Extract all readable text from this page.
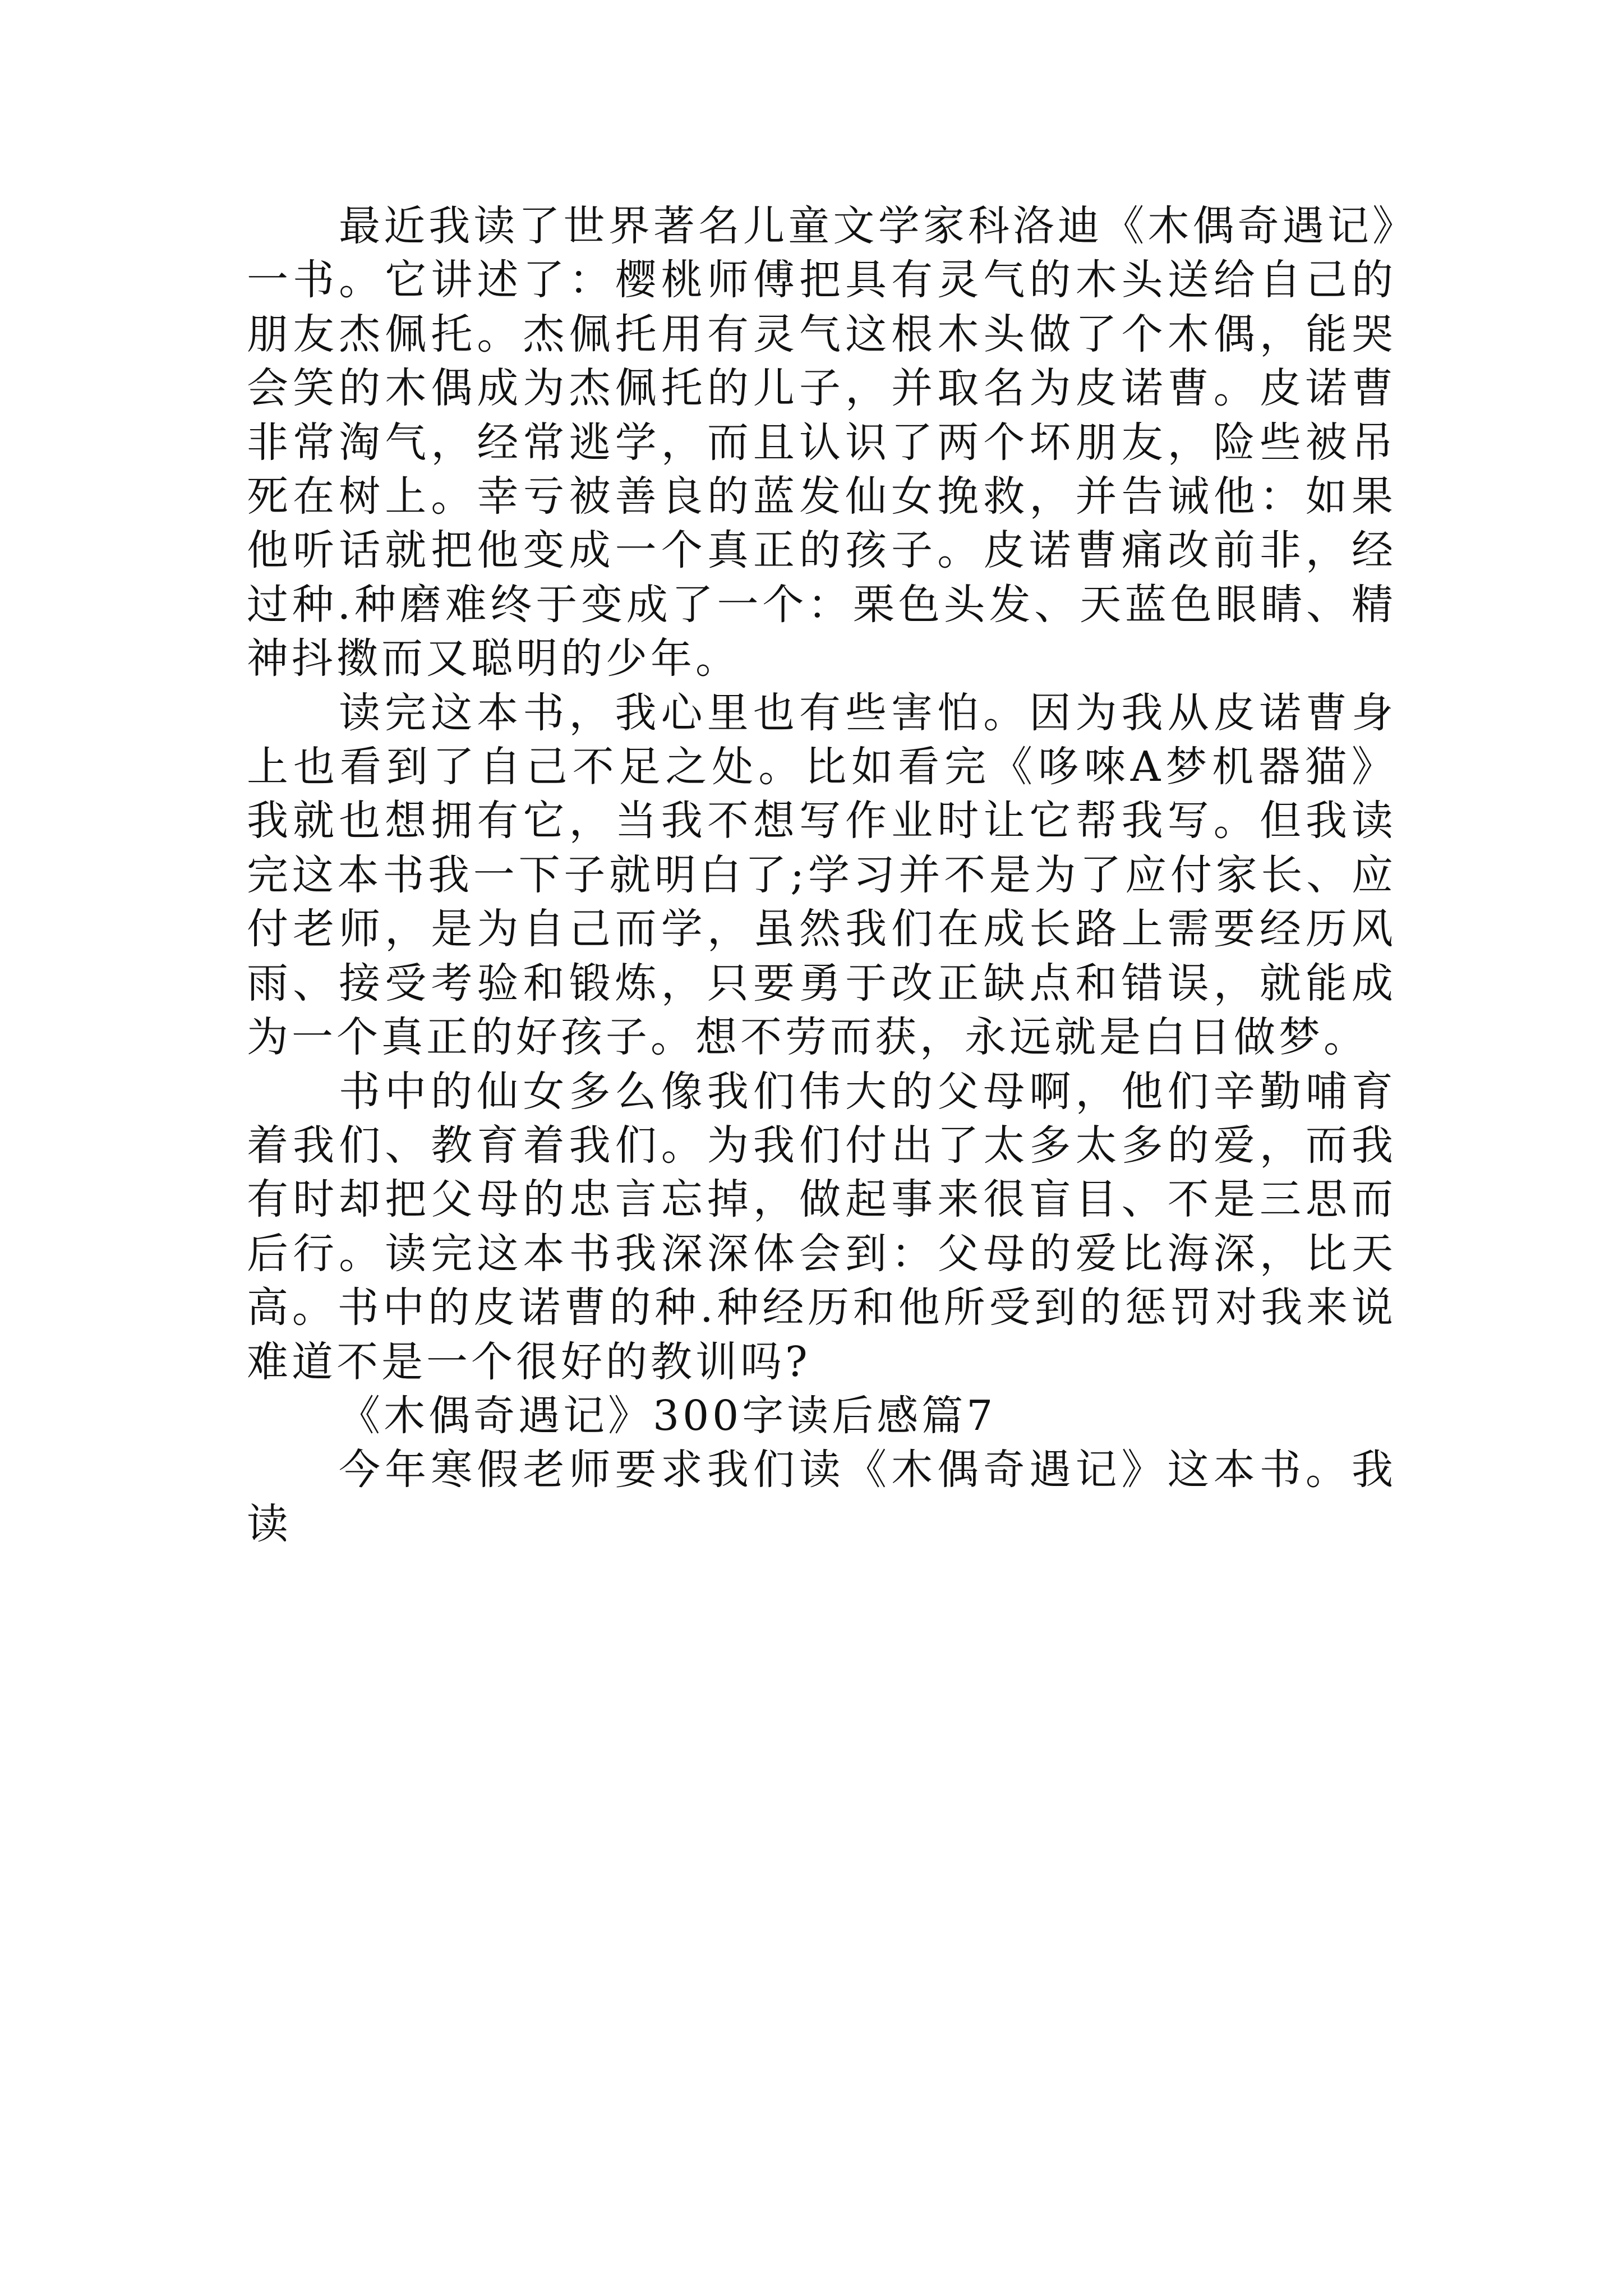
最近我读了世界著名儿童文学家科洛迪《木偶奇遇记》一书。它讲述了：樱桃师傅把具有灵气的木头送给自己的朋友杰佩托。杰佩托用有灵气这根木头做了个木偶，能哭会笑的木偶成为杰佩托的儿子，并取名为皮诺曹。皮诺曹非常淘气，经常逃学，而且认识了两个坏朋友，险些被吊死在树上。幸亏被善良的蓝发仙女挽救，并告诫他：如果他听话就把他变成一个真正的孩子。皮诺曹痛改前非，经过种.种磨难终于变成了一个：栗色头发、天蓝色眼睛、精神抖擞而又聪明的少年。

读完这本书，我心里也有些害怕。因为我从皮诺曹身上也看到了自己不足之处。比如看完《哆唻A梦机器猫》我就也想拥有它，当我不想写作业时让它帮我写。但我读完这本书我一下子就明白了;学习并不是为了应付家长、应付老师，是为自己而学，虽然我们在成长路上需要经历风雨、接受考验和锻炼，只要勇于改正缺点和错误，就能成为一个真正的好孩子。想不劳而获，永远就是白日做梦。

书中的仙女多么像我们伟大的父母啊，他们辛勤哺育着我们、教育着我们。为我们付出了太多太多的爱，而我有时却把父母的忠言忘掉，做起事来很盲目、不是三思而后行。读完这本书我深深体会到：父母的爱比海深，比天高。书中的皮诺曹的种.种经历和他所受到的惩罚对我来说难道不是一个很好的教训吗?

《木偶奇遇记》300字读后感篇7

今年寒假老师要求我们读《木偶奇遇记》这本书。我读
